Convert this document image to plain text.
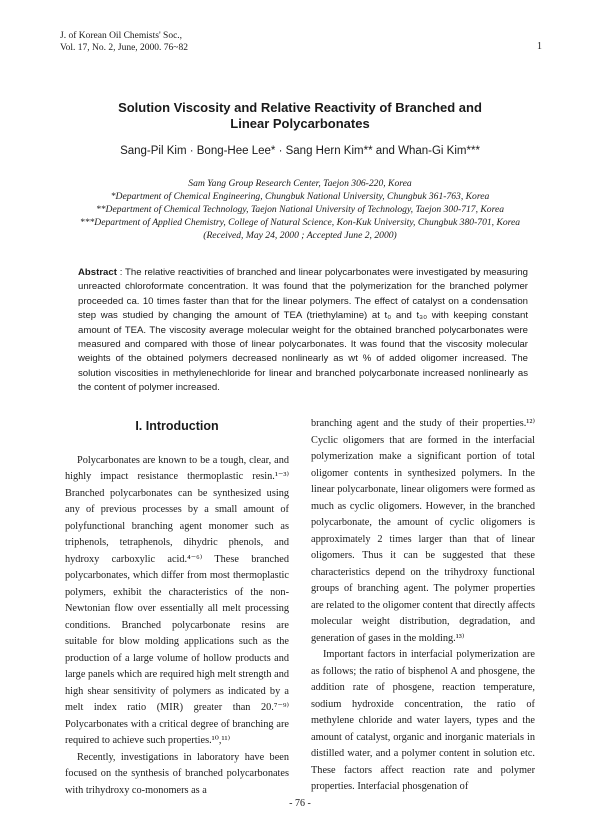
J. of Korean Oil Chemists' Soc.,
Vol. 17, No. 2, June, 2000. 76~82	1
Solution Viscosity and Relative Reactivity of Branched and
Linear Polycarbonates
Sang-Pil Kim · Bong-Hee Lee* · Sang Hern Kim** and Whan-Gi Kim***
Sam Yang Group Research Center, Taejon 306-220, Korea
*Department of Chemical Engineering, Chungbuk National University, Chungbuk 361-763, Korea
**Department of Chemical Technology, Taejon National University of Technology, Taejon 300-717, Korea
***Department of Applied Chemistry, College of Natural Science, Kon-Kuk University, Chungbuk 380-701, Korea
(Received, May 24, 2000 ; Accepted June 2, 2000)
Abstract : The relative reactivities of branched and linear polycarbonates were investigated by measuring unreacted chloroformate concentration. It was found that the polymerization for the branched polymer proceeded ca. 10 times faster than that for the linear polymers. The effect of catalyst on a condensation step was studied by changing the amount of TEA (triethylamine) at t₀ and t₃₀ with keeping constant amount of TEA. The viscosity average molecular weight for the obtained branched polycarbonates were measured and compared with those of linear polycarbonates. It was found that the viscosity molecular weights of the obtained polymers decreased nonlinearly as wt % of added oligomer increased. The solution viscosities in methylenechloride for linear and branched polycarbonate increased nonlinearly as the content of polymer increased.
I. Introduction

Polycarbonates are known to be a tough, clear, and highly impact resistance thermoplastic resin.¹⁻³⁾ Branched polycarbonates can be synthesized using any of previous processes by a small amount of polyfunctional branching agent monomer such as triphenols, tetraphenols, dihydric phenols, and hydroxy carboxylic acid.⁴⁻⁶⁾ These branched polycarbonates, which differ from most thermoplastic polymers, exhibit the characteristics of the non-Newtonian flow over essentially all melt processing conditions. Branched polycarbonate resins are suitable for blow molding applications such as the production of a large volume of hollow products and large panels which are required high melt strength and high shear sensitivity of polymers as indicated by a melt index ratio (MIR) greater than 20.⁷⁻⁹⁾ Polycarbonates with a critical degree of branching are required to achieve such properties.¹⁰,¹¹⁾

Recently, investigations in laboratory have been focused on the synthesis of branched polycarbonates with trihydroxy co-monomers as a

branching agent and the study of their properties.¹²⁾ Cyclic oligomers that are formed in the interfacial polymerization make a significant portion of total oligomer contents in synthesized polymers. In the linear polycarbonate, linear oligomers were formed as much as cyclic oligomers. However, in the branched polycarbonate, the amount of cyclic oligomers is approximately 2 times larger than that of linear oligomers. Thus it can be suggested that these characteristics depend on the trihydroxy functional groups of branching agent. The polymer properties are related to the oligomer content that directly affects molecular weight distribution, degradation, and generation of gases in the molding.¹³⁾

Important factors in interfacial polymerization are as follows; the ratio of bisphenol A and phosgene, the addition rate of phosgene, reaction temperature, sodium hydroxide concentration, the ratio of methylene chloride and water layers, types and the amount of catalyst, organic and inorganic materials in distilled water, and a polymer content in solution etc. These factors affect reaction rate and polymer properties. Interfacial phosgenation of

- 76 -
